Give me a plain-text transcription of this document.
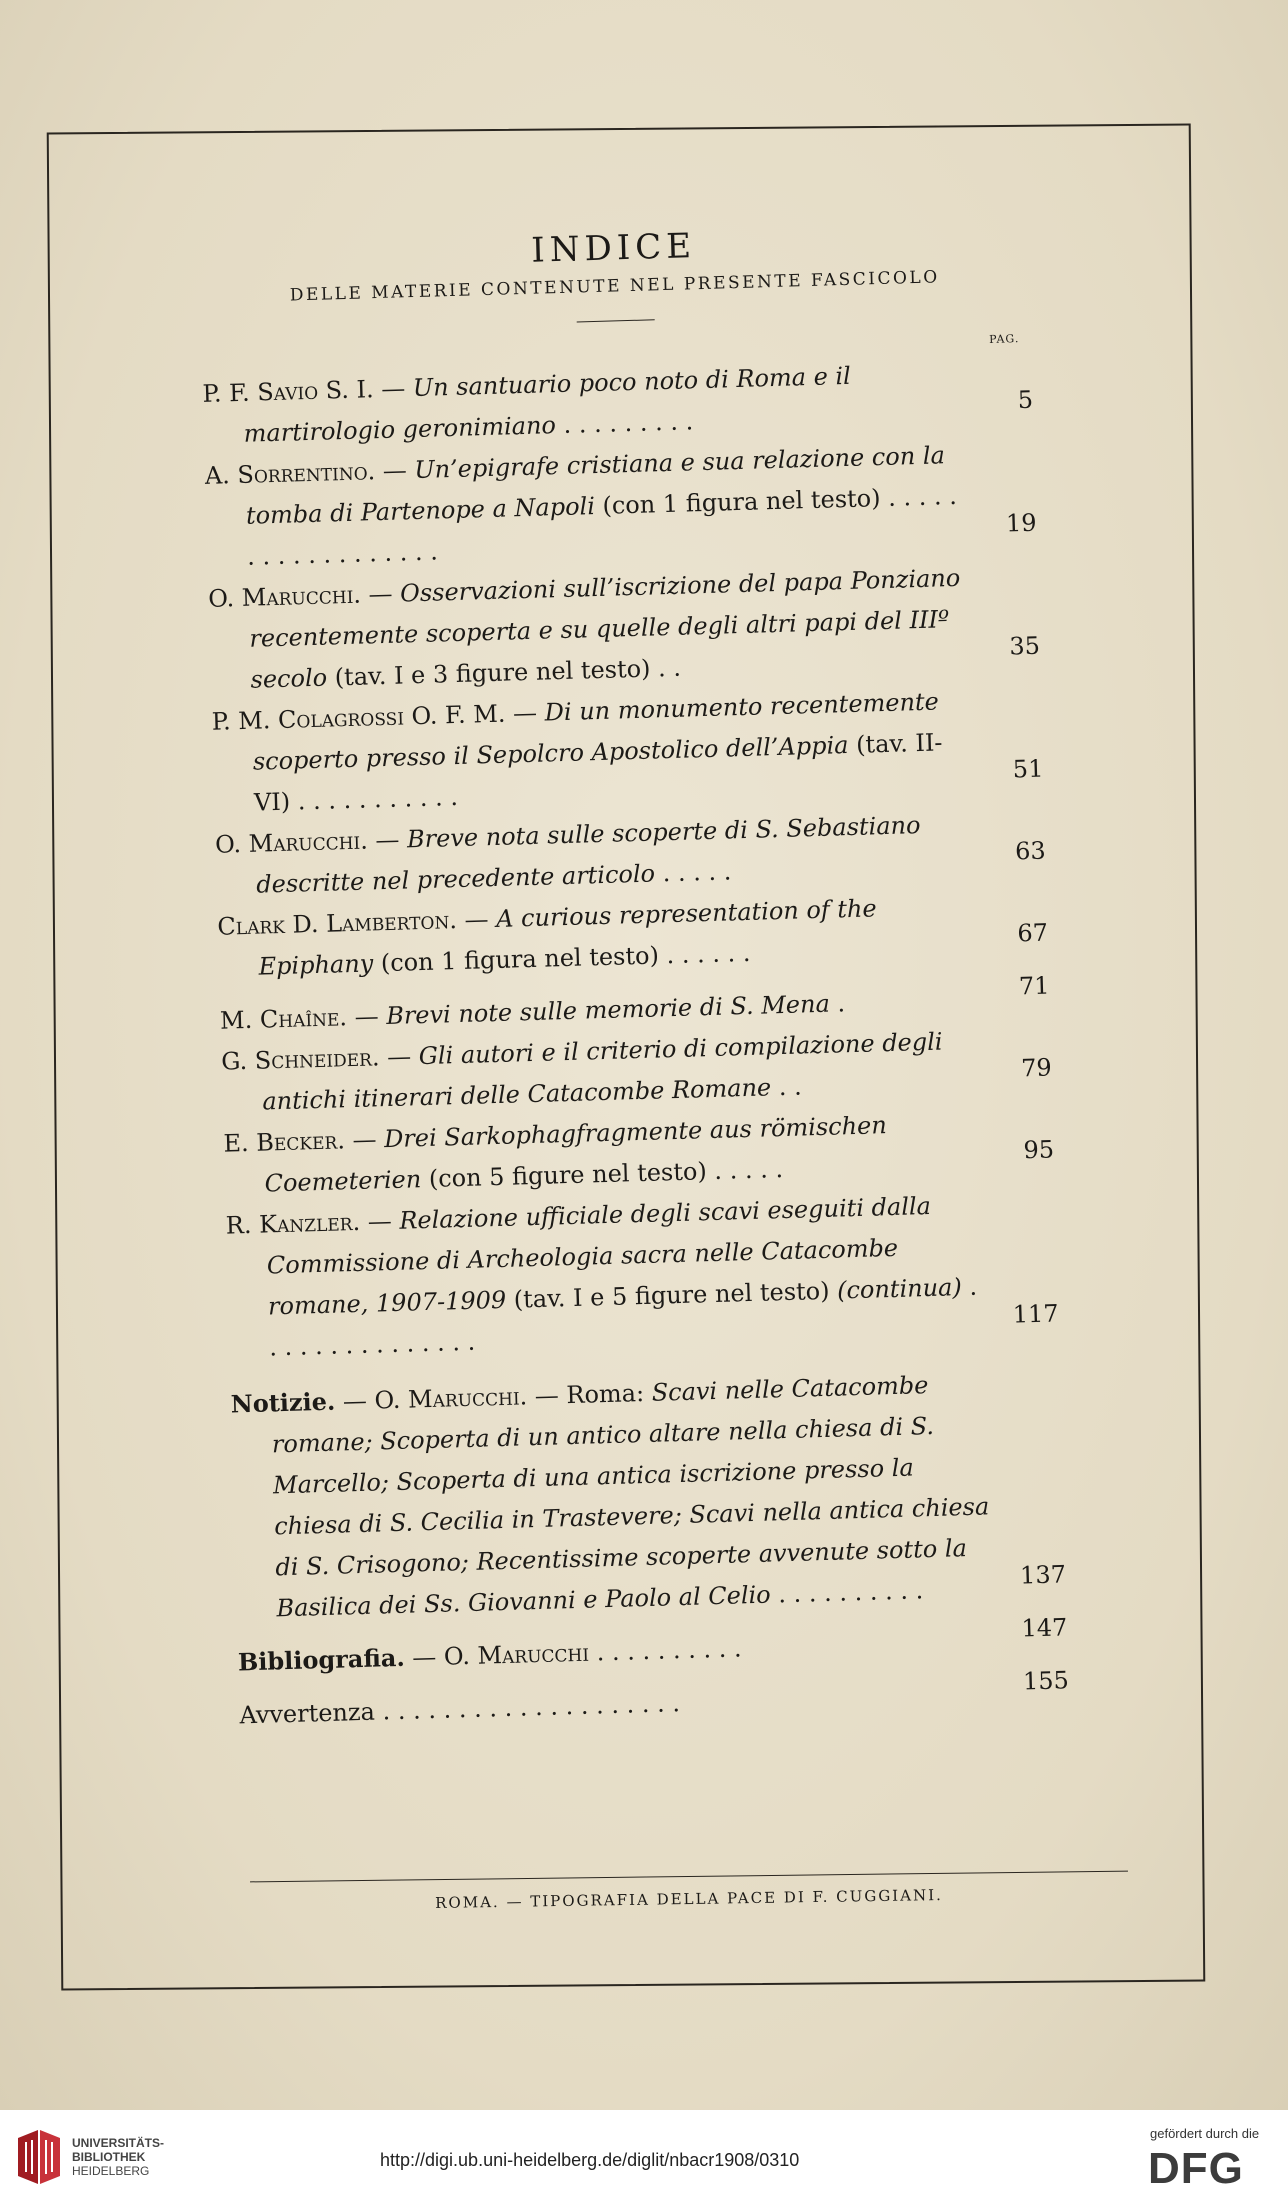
INDICE
DELLE MATERIE CONTENUTE NEL PRESENTE FASCICOLO
PAG.
P. F. Savio S. I. — Un santuario poco noto di Roma e il martirologio geronimiano . . . . . . . . .
5
A. Sorrentino. — Un’epigrafe cristiana e sua relazione con la tomba di Partenope a Napoli (con 1 figura nel testo) . . . . . . . . . . . . . . . . . .
19
O. Marucchi. — Osservazioni sull’iscrizione del papa Ponziano recentemente scoperta e su quelle degli altri papi del IIIº secolo (tav. I e 3 figure nel testo) . .
35
P. M. Colagrossi O. F. M. — Di un monumento recentemente scoperto presso il Sepolcro Apostolico dell’Appia (tav. II-VI) . . . . . . . . . . .
51
O. Marucchi. — Breve nota sulle scoperte di S. Sebastiano descritte nel precedente articolo . . . . .
63
Clark D. Lamberton. — A curious representation of the Epiphany (con 1 figura nel testo) . . . . . .
67
M. Chaîne. — Brevi note sulle memorie di S. Mena .
71
G. Schneider. — Gli autori e il criterio di compilazione degli antichi itinerari delle Catacombe Romane . .
79
E. Becker. — Drei Sarkophagfragmente aus römischen Coemeterien (con 5 figure nel testo) . . . . .
95
R. Kanzler. — Relazione ufficiale degli scavi eseguiti dalla Commissione di Archeologia sacra nelle Catacombe romane, 1907-1909 (tav. I e 5 figure nel testo) (continua) . . . . . . . . . . . . . . .
117
Notizie. — O. Marucchi. — Roma: Scavi nelle Catacombe romane; Scoperta di un antico altare nella chiesa di S. Marcello; Scoperta di una antica iscrizione presso la chiesa di S. Cecilia in Trastevere; Scavi nella antica chiesa di S. Crisogono; Recentissime scoperte avvenute sotto la Basilica dei Ss. Giovanni e Paolo al Celio . . . . . . . . . .
137
Bibliografia. — O. Marucchi . . . . . . . . . .
147
Avvertenza . . . . . . . . . . . . . . . . . . . .
155
ROMA. — TIPOGRAFIA DELLA PACE DI F. CUGGIANI.
UNIVERSITÄTS-
BIBLIOTHEK
HEIDELBERG
http://digi.ub.uni-heidelberg.de/diglit/nbacr1908/0310
gefördert durch die
DFG
